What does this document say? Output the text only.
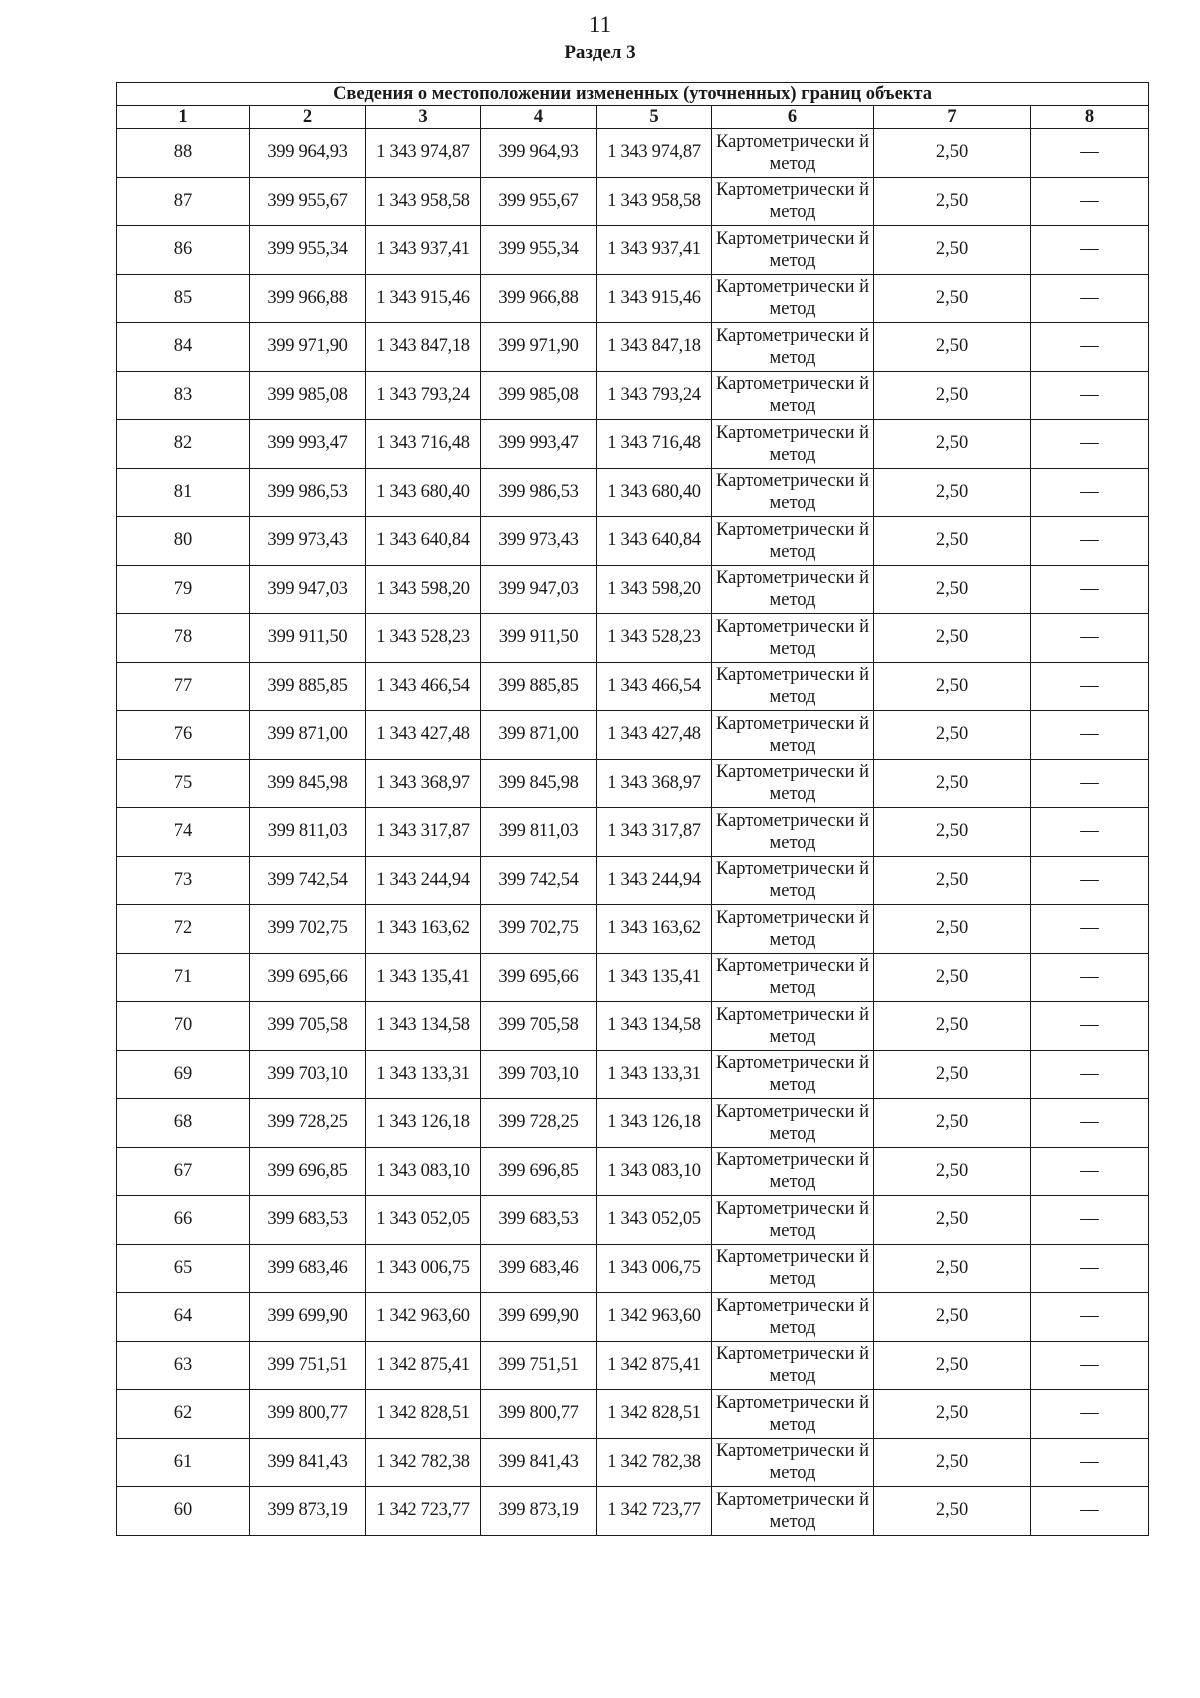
11
Раздел 3
Сведения о местоположении измененных (уточненных) границ объекта							
1	2	3	4	5	6	7	8
88	399 964,93	1 343 974,87	399 964,93	1 343 974,87	Картометрически й метод	2,50	—
87	399 955,67	1 343 958,58	399 955,67	1 343 958,58	Картометрически й метод	2,50	—
86	399 955,34	1 343 937,41	399 955,34	1 343 937,41	Картометрически й метод	2,50	—
85	399 966,88	1 343 915,46	399 966,88	1 343 915,46	Картометрически й метод	2,50	—
84	399 971,90	1 343 847,18	399 971,90	1 343 847,18	Картометрически й метод	2,50	—
83	399 985,08	1 343 793,24	399 985,08	1 343 793,24	Картометрически й метод	2,50	—
82	399 993,47	1 343 716,48	399 993,47	1 343 716,48	Картометрически й метод	2,50	—
81	399 986,53	1 343 680,40	399 986,53	1 343 680,40	Картометрически й метод	2,50	—
80	399 973,43	1 343 640,84	399 973,43	1 343 640,84	Картометрически й метод	2,50	—
79	399 947,03	1 343 598,20	399 947,03	1 343 598,20	Картометрически й метод	2,50	—
78	399 911,50	1 343 528,23	399 911,50	1 343 528,23	Картометрически й метод	2,50	—
77	399 885,85	1 343 466,54	399 885,85	1 343 466,54	Картометрически й метод	2,50	—
76	399 871,00	1 343 427,48	399 871,00	1 343 427,48	Картометрически й метод	2,50	—
75	399 845,98	1 343 368,97	399 845,98	1 343 368,97	Картометрически й метод	2,50	—
74	399 811,03	1 343 317,87	399 811,03	1 343 317,87	Картометрически й метод	2,50	—
73	399 742,54	1 343 244,94	399 742,54	1 343 244,94	Картометрически й метод	2,50	—
72	399 702,75	1 343 163,62	399 702,75	1 343 163,62	Картометрически й метод	2,50	—
71	399 695,66	1 343 135,41	399 695,66	1 343 135,41	Картометрически й метод	2,50	—
70	399 705,58	1 343 134,58	399 705,58	1 343 134,58	Картометрически й метод	2,50	—
69	399 703,10	1 343 133,31	399 703,10	1 343 133,31	Картометрически й метод	2,50	—
68	399 728,25	1 343 126,18	399 728,25	1 343 126,18	Картометрически й метод	2,50	—
67	399 696,85	1 343 083,10	399 696,85	1 343 083,10	Картометрически й метод	2,50	—
66	399 683,53	1 343 052,05	399 683,53	1 343 052,05	Картометрически й метод	2,50	—
65	399 683,46	1 343 006,75	399 683,46	1 343 006,75	Картометрически й метод	2,50	—
64	399 699,90	1 342 963,60	399 699,90	1 342 963,60	Картометрически й метод	2,50	—
63	399 751,51	1 342 875,41	399 751,51	1 342 875,41	Картометрически й метод	2,50	—
62	399 800,77	1 342 828,51	399 800,77	1 342 828,51	Картометрически й метод	2,50	—
61	399 841,43	1 342 782,38	399 841,43	1 342 782,38	Картометрически й метод	2,50	—
60	399 873,19	1 342 723,77	399 873,19	1 342 723,77	Картометрически й метод	2,50	—
